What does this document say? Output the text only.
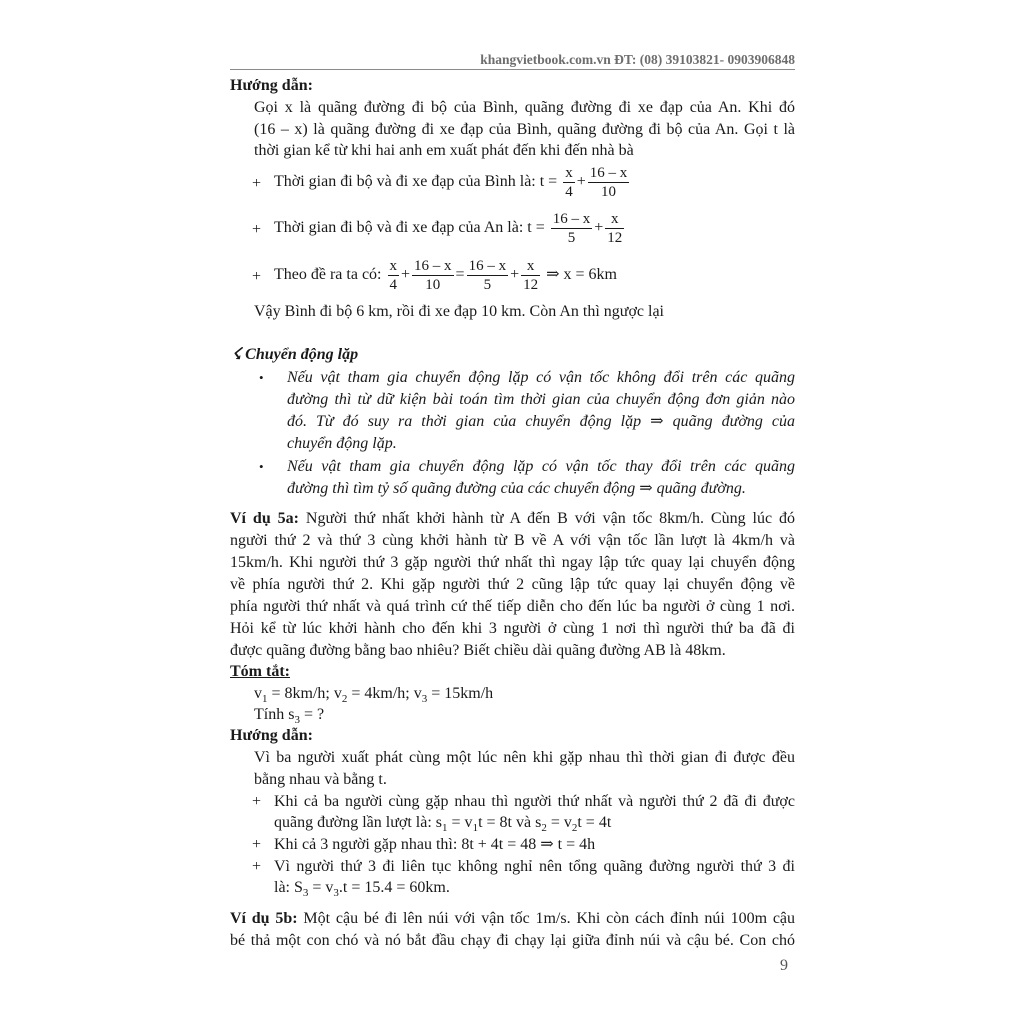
khangvietbook.com.vn ĐT: (08) 39103821- 0903906848
Hướng dẫn:
Gọi x là quãng đường đi bộ của Bình, quãng đường đi xe đạp của An. Khi đó
(16 – x) là quãng đường đi xe đạp của Bình, quãng đường đi bộ của An. Gọi t là
thời gian kể từ khi hai anh em xuất phát đến khi đến nhà bà
+ Thời gian đi bộ và đi xe đạp của Bình là: $t = \frac{x}{4} + \frac{16 - x}{10}$
+ Thời gian đi bộ và đi xe đạp của An là: $t = \frac{16 - x}{5} + \frac{x}{12}$
+ Theo đề ra ta có: $\frac{x}{4} + \frac{16 - x}{10} = \frac{16 - x}{5} + \frac{x}{12}$ ⇒ x = 6km
Vậy Bình đi bộ 6 km, rồi đi xe đạp 10 km. Còn An thì ngược lại
☇ Chuyển động lặp
• Nếu vật tham gia chuyển động lặp có vận tốc không đổi trên các quãng
đường thì từ dữ kiện bài toán tìm thời gian của chuyển động đơn giản nào
đó. Từ đó suy ra thời gian của chuyển động lặp ⇒ quãng đường của
chuyển động lặp.
• Nếu vật tham gia chuyển động lặp có vận tốc thay đổi trên các quãng
đường thì tìm tỷ số quãng đường của các chuyển động ⇒ quãng đường.
Ví dụ 5a: Người thứ nhất khởi hành từ A đến B với vận tốc 8km/h. Cùng lúc đó
người thứ 2 và thứ 3 cùng khởi hành từ B về A với vận tốc lần lượt là 4km/h và
15km/h. Khi người thứ 3 gặp người thứ nhất thì ngay lập tức quay lại chuyển động
về phía người thứ 2. Khi gặp người thứ 2 cũng lập tức quay lại chuyển động về
phía người thứ nhất và quá trình cứ thế tiếp diễn cho đến lúc ba người ở cùng 1 nơi.
Hỏi kể từ lúc khởi hành cho đến khi 3 người ở cùng 1 nơi thì người thứ ba đã đi
được quãng đường bằng bao nhiêu? Biết chiều dài quãng đường AB là 48km.
Tóm tắt:
$v_1 = 8km/h$; $v_2 = 4km/h$; $v_3 = 15km/h$
Tính $s_3$ = ?
Hướng dẫn:
Vì ba người xuất phát cùng một lúc nên khi gặp nhau thì thời gian đi được đều
bằng nhau và bằng t.
+ Khi cả ba người cùng gặp nhau thì người thứ nhất và người thứ 2 đã đi được
quãng đường lần lượt là: $s_1 = v_1t = 8t$ và $s_2 = v_2t = 4t$
+ Khi cả 3 người gặp nhau thì: 8t + 4t = 48 ⇒ t = 4h
+ Vì người thứ 3 đi liên tục không nghỉ nên tổng quãng đường người thứ 3 đi
là: $S_3 = v_3.t = 15.4 = 60km$.
Ví dụ 5b: Một cậu bé đi lên núi với vận tốc 1m/s. Khi còn cách đỉnh núi 100m cậu
bé thả một con chó và nó bắt đầu chạy đi chạy lại giữa đỉnh núi và cậu bé. Con chó
9
